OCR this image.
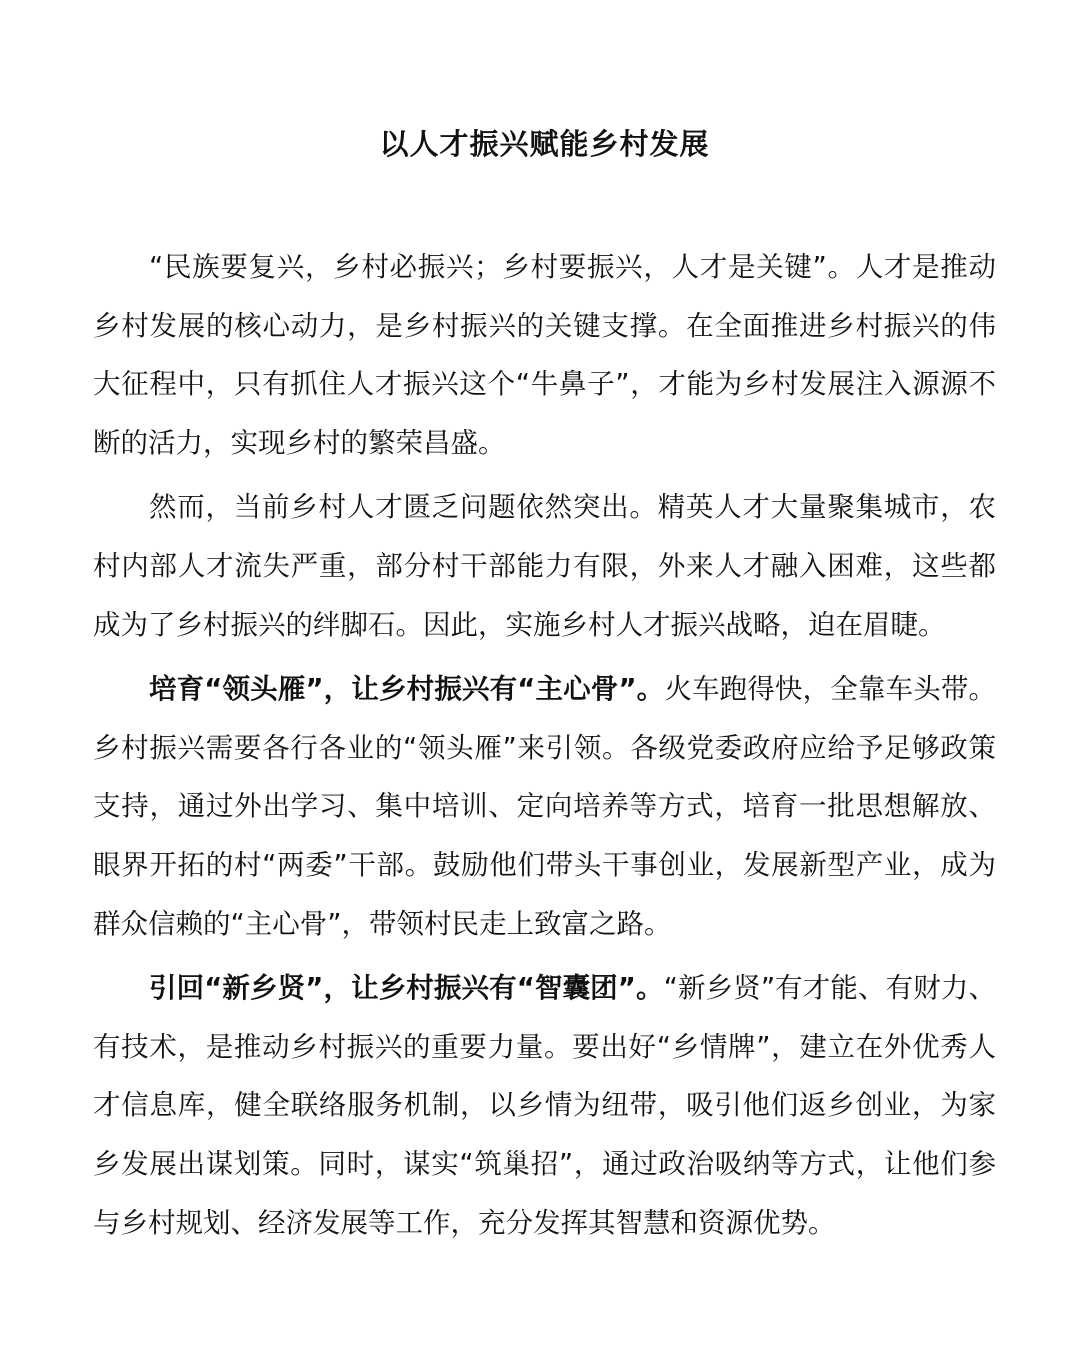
以人才振兴赋能乡村发展

“民族要复兴，乡村必振兴；乡村要振兴，人才是关键”。人才是推动乡村发展的核心动力，是乡村振兴的关键支撑。在全面推进乡村振兴的伟大征程中，只有抓住人才振兴这个“牛鼻子”，才能为乡村发展注入源源不断的活力，实现乡村的繁荣昌盛。

然而，当前乡村人才匮乏问题依然突出。精英人才大量聚集城市，农村内部人才流失严重，部分村干部能力有限，外来人才融入困难，这些都成为了乡村振兴的绊脚石。因此，实施乡村人才振兴战略，迫在眉睫。

培育“领头雁”，让乡村振兴有“主心骨”。火车跑得快，全靠车头带。乡村振兴需要各行各业的“领头雁”来引领。各级党委政府应给予足够政策支持，通过外出学习、集中培训、定向培养等方式，培育一批思想解放、眼界开拓的村“两委”干部。鼓励他们带头干事创业，发展新型产业，成为群众信赖的“主心骨”，带领村民走上致富之路。

引回“新乡贤”，让乡村振兴有“智囊团”。“新乡贤”有才能、有财力、有技术，是推动乡村振兴的重要力量。要出好“乡情牌”，建立在外优秀人才信息库，健全联络服务机制，以乡情为纽带，吸引他们返乡创业，为家乡发展出谋划策。同时，谋实“筑巢招”，通过政治吸纳等方式，让他们参与乡村规划、经济发展等工作，充分发挥其智慧和资源优势。
